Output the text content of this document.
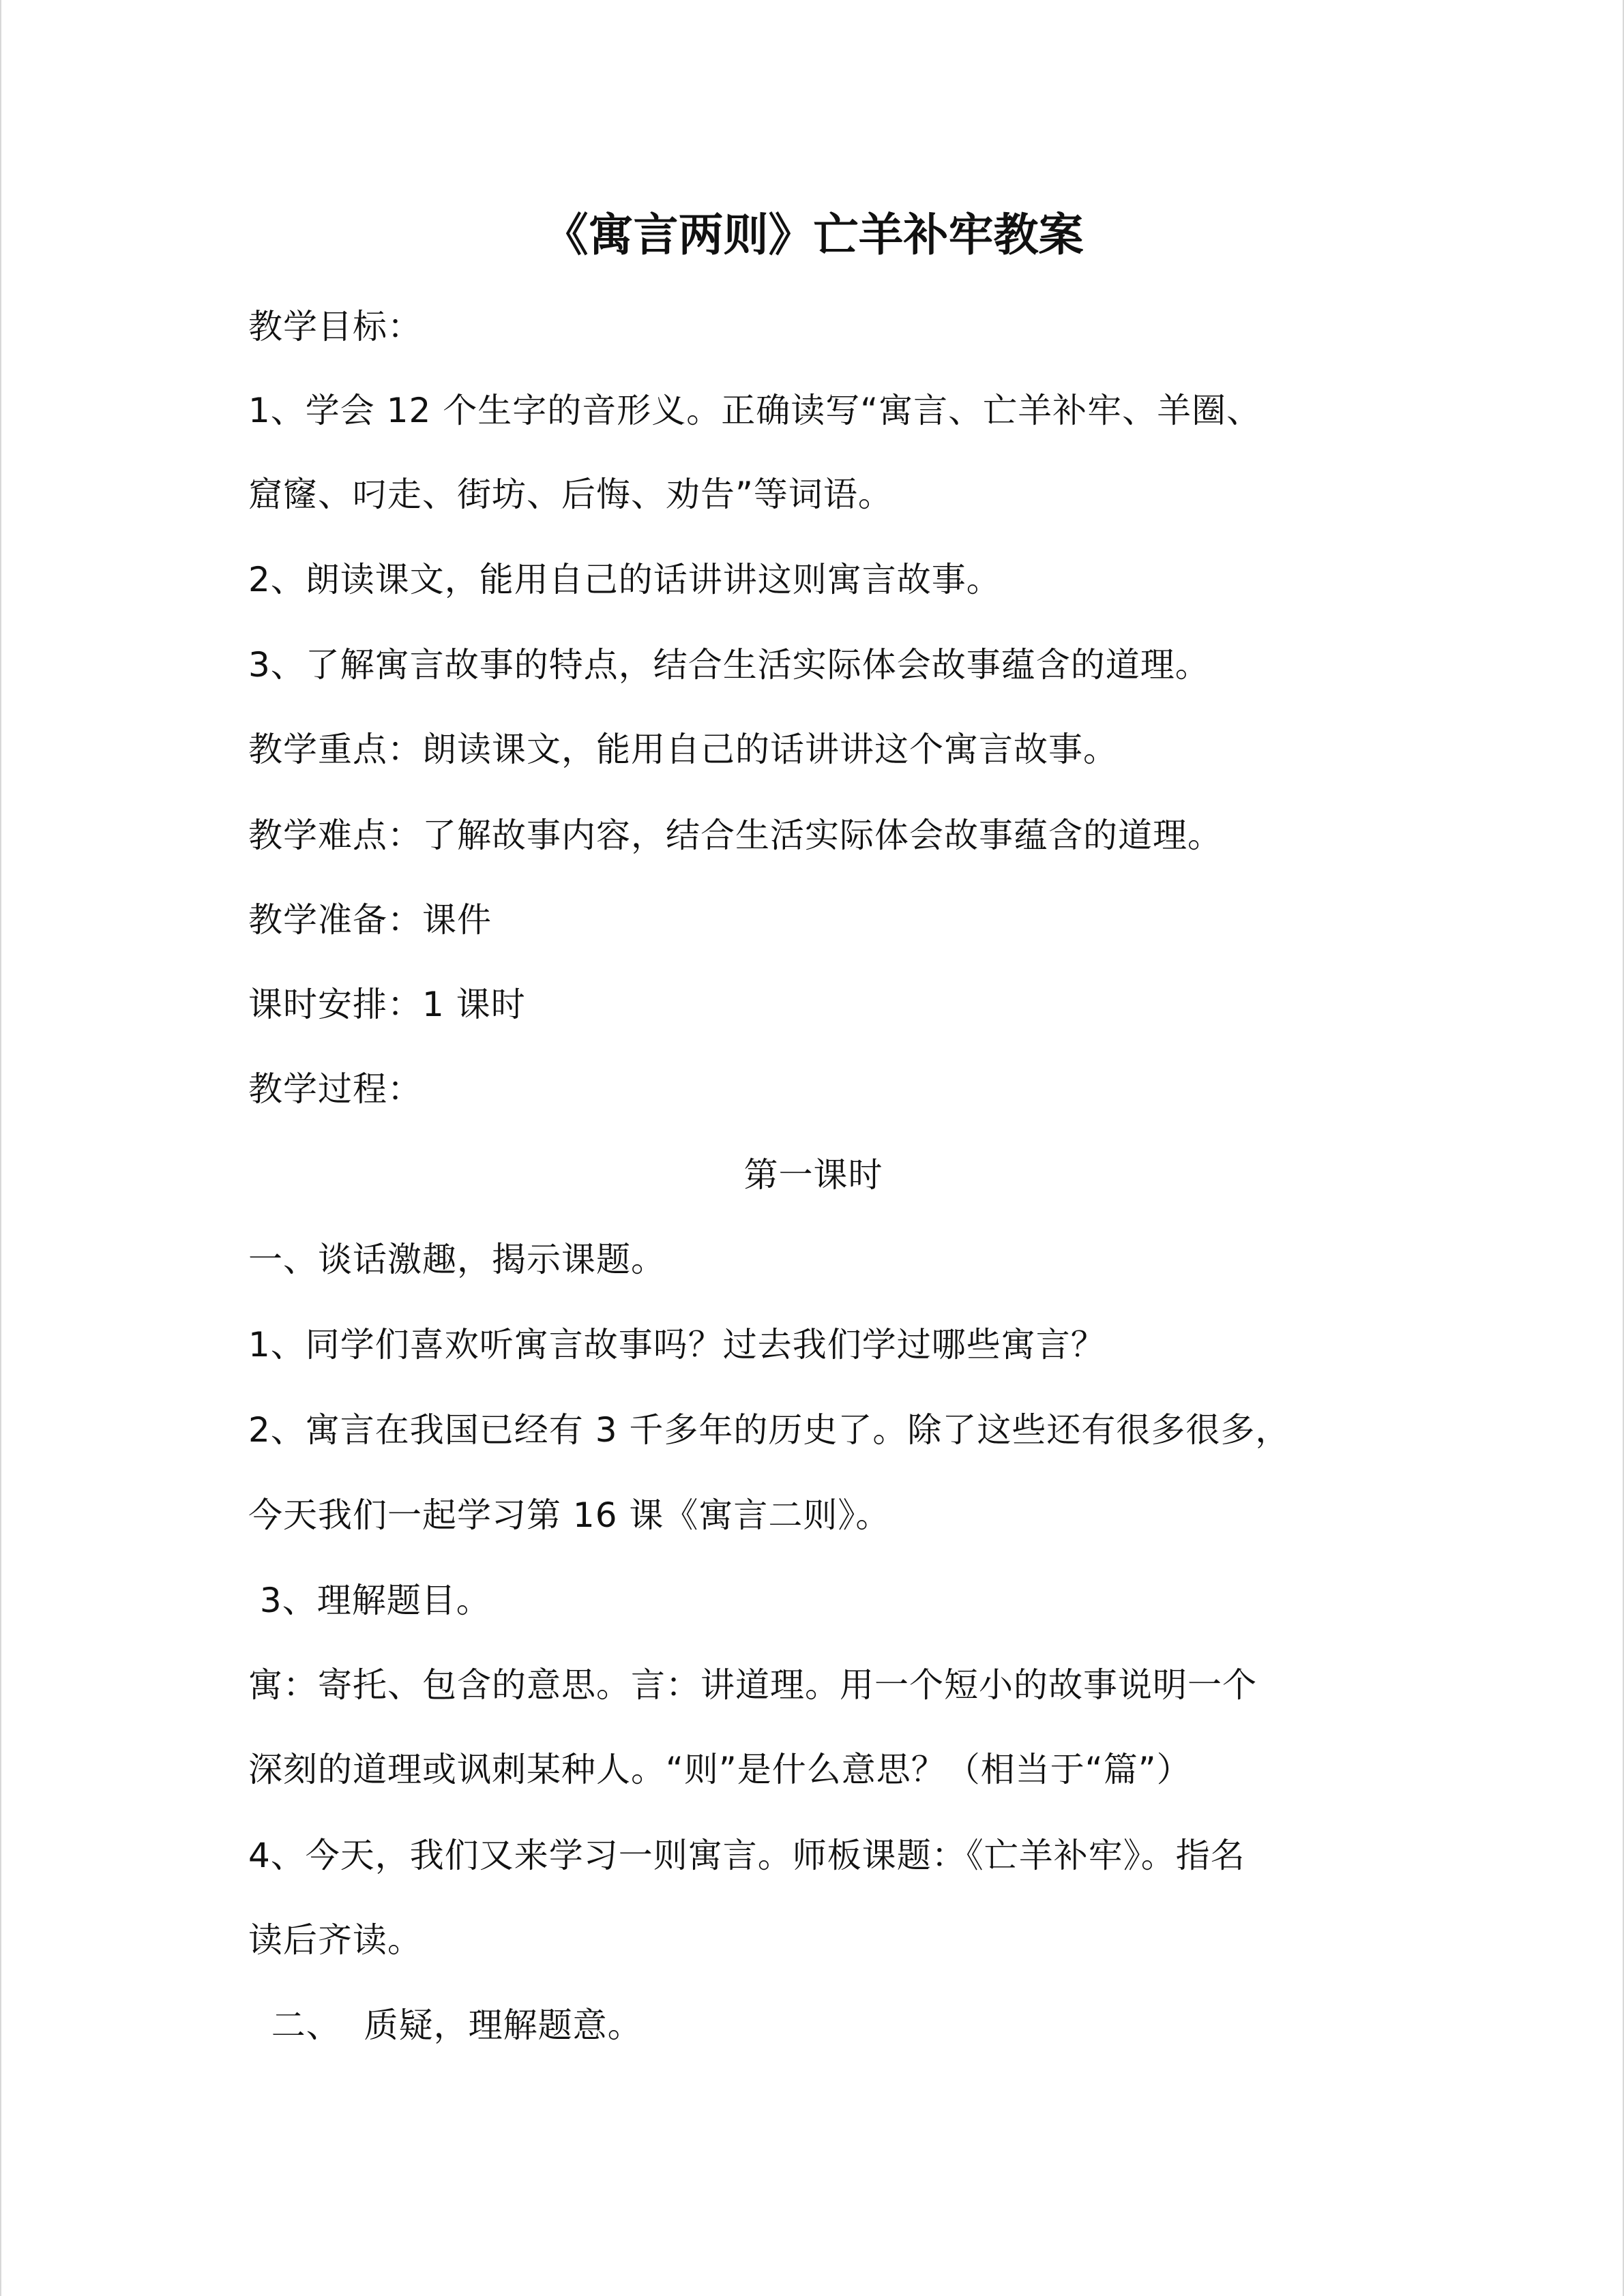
《寓言两则》亡羊补牢教案
教学目标：
1、学会 12 个生字的音形义。正确读写“寓言、亡羊补牢、羊圈、
窟窿、叼走、街坊、后悔、劝告”等词语。
2、朗读课文，能用自己的话讲讲这则寓言故事。
3、了解寓言故事的特点，结合生活实际体会故事蕴含的道理。
教学重点：朗读课文，能用自己的话讲讲这个寓言故事。
教学难点：了解故事内容，结合生活实际体会故事蕴含的道理。
教学准备：课件
课时安排：1 课时
教学过程：
第一课时
一、谈话激趣，揭示课题。
1、同学们喜欢听寓言故事吗？过去我们学过哪些寓言？
2、寓言在我国已经有 3 千多年的历史了。除了这些还有很多很多，
今天我们一起学习第 16 课《寓言二则》。
3、理解题目。
寓：寄托、包含的意思。言：讲道理。用一个短小的故事说明一个
深刻的道理或讽刺某种人。“则”是什么意思？（相当于“篇”）
4、今天，我们又来学习一则寓言。师板课题：《亡羊补牢》。指名
读后齐读。
二、  质疑，理解题意。
